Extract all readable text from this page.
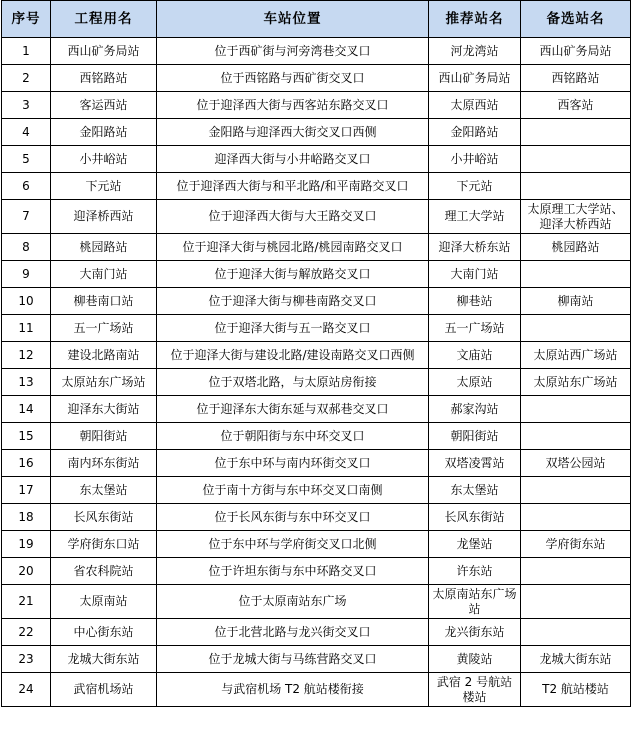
序号	工程用名	车站位置	推荐站名	备选站名
1	西山矿务局站	位于西矿街与河旁湾巷交叉口	河龙湾站	西山矿务局站
2	西铭路站	位于西铭路与西矿街交叉口	西山矿务局站	西铭路站
3	客运西站	位于迎泽西大街与西客站东路交叉口	太原西站	西客站
4	金阳路站	金阳路与迎泽西大街交叉口西侧	金阳路站	
5	小井峪站	迎泽西大街与小井峪路交叉口	小井峪站	
6	下元站	位于迎泽西大街与和平北路/和平南路交叉口	下元站	
7	迎泽桥西站	位于迎泽西大街与大王路交叉口	理工大学站	太原理工大学站、迎泽大桥西站
8	桃园路站	位于迎泽大街与桃园北路/桃园南路交叉口	迎泽大桥东站	桃园路站
9	大南门站	位于迎泽大街与解放路交叉口	大南门站	
10	柳巷南口站	位于迎泽大街与柳巷南路交叉口	柳巷站	柳南站
11	五一广场站	位于迎泽大街与五一路交叉口	五一广场站	
12	建设北路南站	位于迎泽大街与建设北路/建设南路交叉口西侧	文庙站	太原站西广场站
13	太原站东广场站	位于双塔北路，与太原站房衔接	太原站	太原站东广场站
14	迎泽东大街站	位于迎泽东大街东延与双郝巷交叉口	郝家沟站	
15	朝阳街站	位于朝阳街与东中环交叉口	朝阳街站	
16	南内环东街站	位于东中环与南内环街交叉口	双塔凌霄站	双塔公园站
17	东太堡站	位于南十方街与东中环交叉口南侧	东太堡站	
18	长风东街站	位于长风东街与东中环交叉口	长风东街站	
19	学府街东口站	位于东中环与学府街交叉口北侧	龙堡站	学府街东站
20	省农科院站	位于许坦东街与东中环路交叉口	许东站	
21	太原南站	位于太原南站东广场	太原南站东广场站	
22	中心街东站	位于北营北路与龙兴街交叉口	龙兴街东站	
23	龙城大街东站	位于龙城大街与马练营路交叉口	黄陵站	龙城大街东站
24	武宿机场站	与武宿机场 T2 航站楼衔接	武宿 2 号航站楼站	T2 航站楼站
